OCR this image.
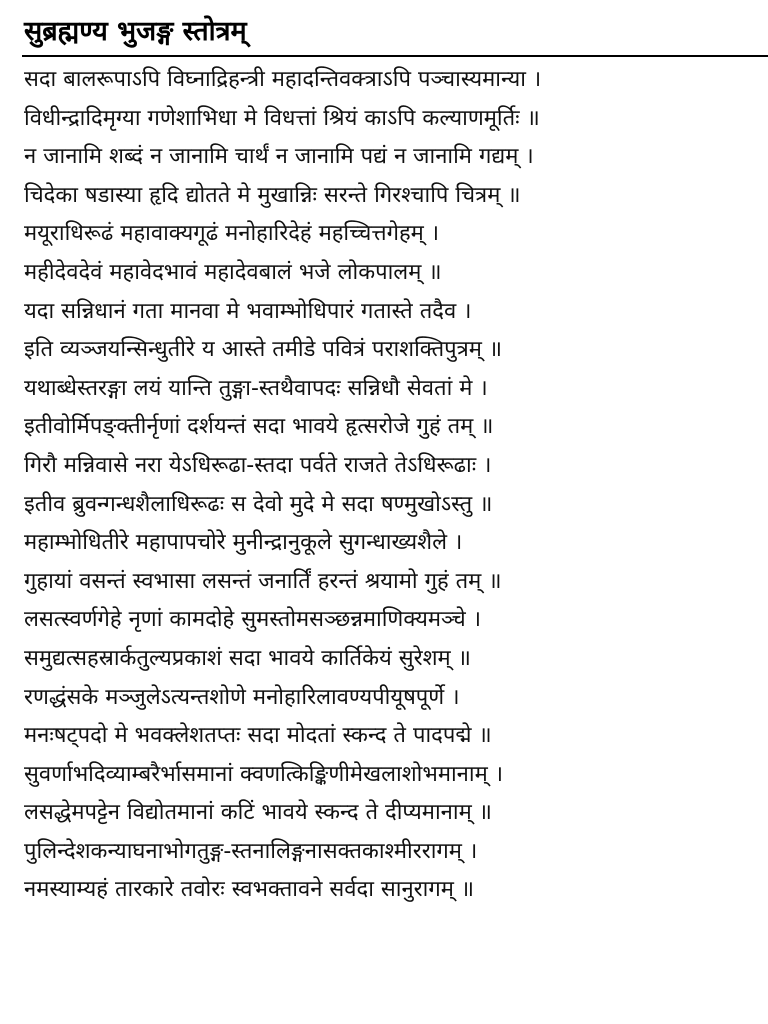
सुब्रह्मण्य भुजङ्ग स्तोत्रम्
सदा बालरूपाऽपि विघ्नाद्रिहन्त्री महादन्तिवक्त्राऽपि पञ्चास्यमान्या ।
विधीन्द्रादिमृग्या गणेशाभिधा मे विधत्तां श्रियं काऽपि कल्याणमूर्तिः ॥
न जानामि शब्दं न जानामि चार्थं न जानामि पद्यं न जानामि गद्यम् ।
चिदेका षडास्या हृदि द्योतते मे मुखान्निः सरन्ते गिरश्चापि चित्रम् ॥
मयूराधिरूढं महावाक्यगूढं मनोहारिदेहं महच्चित्तगेहम् ।
महीदेवदेवं महावेदभावं महादेवबालं भजे लोकपालम् ॥
यदा सन्निधानं गता मानवा मे भवाम्भोधिपारं गतास्ते तदैव ।
इति व्यञ्जयन्सिन्धुतीरे य आस्ते तमीडे पवित्रं पराशक्तिपुत्रम् ॥
यथाब्धेस्तरङ्गा लयं यान्ति तुङ्गा-स्तथैवापदः सन्निधौ सेवतां मे ।
इतीवोर्मिपङ्क्तीर्नृणां दर्शयन्तं सदा भावये हृत्सरोजे गुहं तम् ॥
गिरौ मन्निवासे नरा येऽधिरूढा-स्तदा पर्वते राजते तेऽधिरूढाः ।
इतीव ब्रुवन्गन्धशैलाधिरूढः स देवो मुदे मे सदा षण्मुखोऽस्तु ॥
महाम्भोधितीरे महापापचोरे मुनीन्द्रानुकूले सुगन्धाख्यशैले ।
गुहायां वसन्तं स्वभासा लसन्तं जनार्तिं हरन्तं श्रयामो गुहं तम् ॥
लसत्स्वर्णगेहे नृणां कामदोहे सुमस्तोमसञ्छन्नमाणिक्यमञ्चे ।
समुद्यत्सहस्रार्कतुल्यप्रकाशं सदा भावये कार्तिकेयं सुरेशम् ॥
रणद्धंसके मञ्जुलेऽत्यन्तशोणे मनोहारिलावण्यपीयूषपूर्णे ।
मनःषट्पदो मे भवक्लेशतप्तः सदा मोदतां स्कन्द ते पादपद्मे ॥
सुवर्णाभदिव्याम्बरैर्भासमानां क्वणत्किङ्किणीमेखलाशोभमानाम् ।
लसद्धेमपट्टेन विद्योतमानां कटिं भावये स्कन्द ते दीप्यमानाम् ॥
पुलिन्देशकन्याघनाभोगतुङ्ग-स्तनालिङ्गनासक्तकाश्मीररागम् ।
नमस्याम्यहं तारकारे तवोरः स्वभक्तावने सर्वदा सानुरागम् ॥
